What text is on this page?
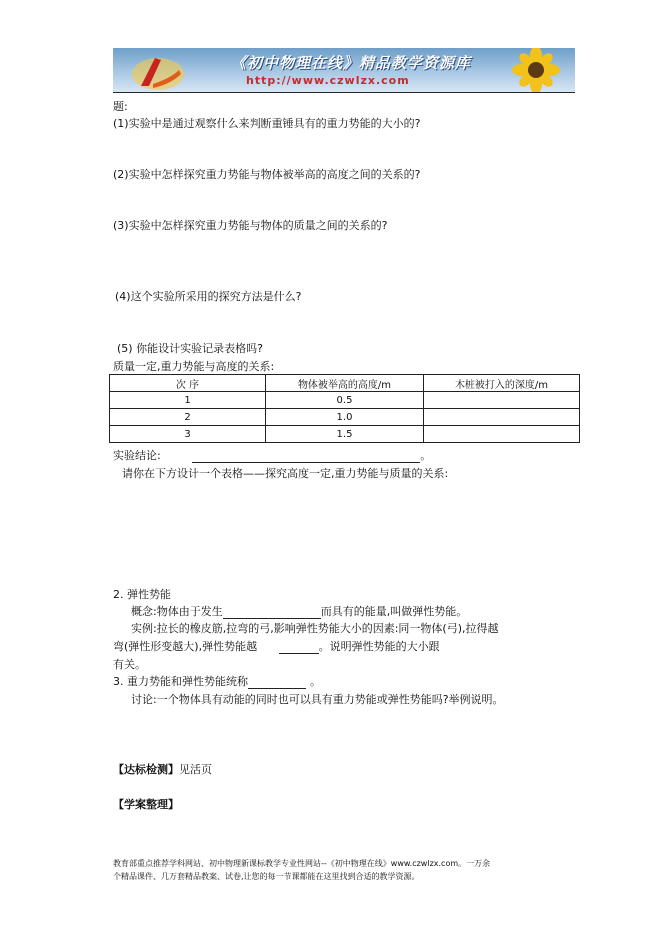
《初中物理在线》精品教学资源库
http://www.czwlzx.com
题:
(1)实验中是通过观察什么来判断重锤具有的重力势能的大小的?
(2)实验中怎样探究重力势能与物体被举高的高度之间的关系的?
(3)实验中怎样探究重力势能与物体的质量之间的关系的?
(4)这个实验所采用的探究方法是什么?
(5) 你能设计实验记录表格吗?
质量一定,重力势能与高度的关系:
次 序	物体被举高的高度/m	木桩被打入的深度/m
1	0.5	
2	1.0	
3	1.5	
实验结论:	。
请你在下方设计一个表格——探究高度一定,重力势能与质量的关系:
2. 弹性势能
概念:物体由于发生	而具有的能量,叫做弹性势能。
实例:拉长的橡皮筋,拉弯的弓,影响弹性势能大小的因素:同一物体(弓),拉得越
弯(弹性形变越大),弹性势能越	。说明弹性势能的大小跟
有关。
3. 重力势能和弹性势能统称	。
讨论:一个物体具有动能的同时也可以具有重力势能或弹性势能吗?举例说明。
【达标检测】见活页
【学案整理】
教育部重点推荐学科网站、初中物理新课标教学专业性网站--《初中物理在线》www.czwlzx.com。一万余
个精品课件、几万套精品教案、试卷,让您的每一节课都能在这里找到合适的教学资源。
